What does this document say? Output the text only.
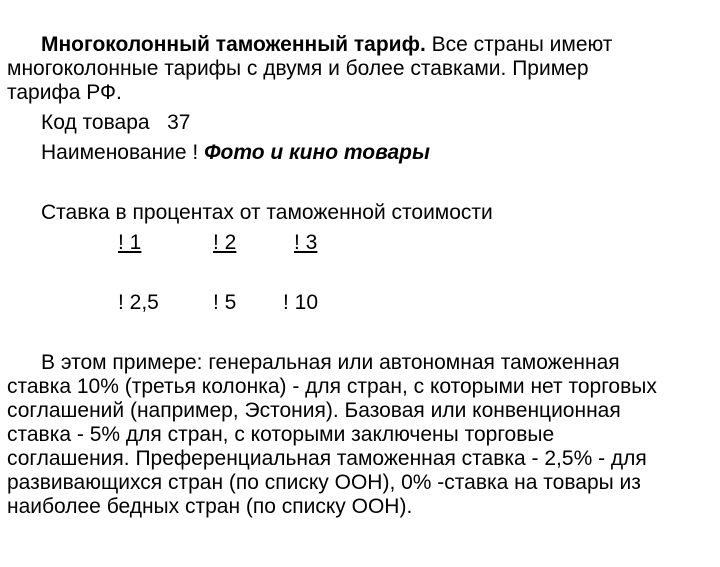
Многоколонный таможенный тариф. Все страны имеют
многоколонные тарифы с двумя и более ставками. Пример
тарифа РФ.
Код товара 37
Наименование ! Фото и кино товары
Ставка в процентах от таможенной стоимости
! 1	! 2	! 3
! 2,5	! 5 ! 10
В этом примере: генеральная или автономная таможенная
ставка 10% (третья колонка) - для стран, с которыми нет торговых
соглашений (например, Эстония). Базовая или конвенционная
ставка - 5% для стран, с которыми заключены торговые
соглашения. Преференциальная таможенная ставка - 2,5% - для
развивающихся стран (по списку ООН), 0% -ставка на товары из
наиболее бедных стран (по списку ООН).
